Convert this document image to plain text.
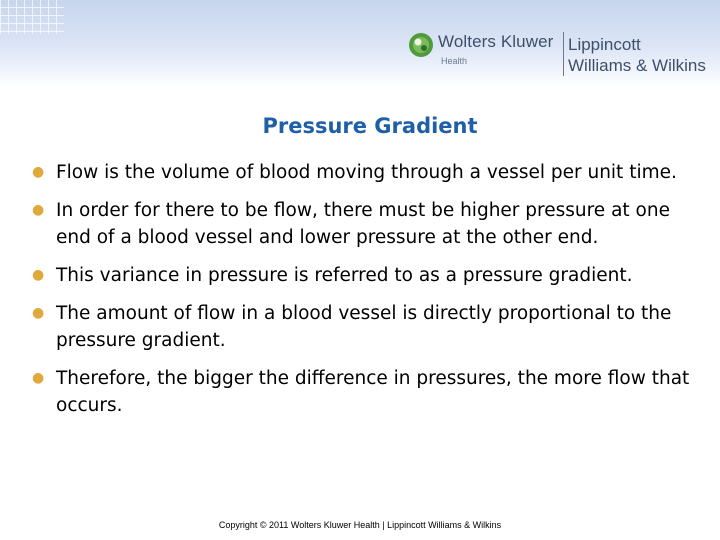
Wolters Kluwer
Health
Lippincott
Williams & Wilkins
Pressure Gradient
● Flow is the volume of blood moving through a vessel per unit time.
● In order for there to be flow, there must be higher pressure at one end of a blood vessel and lower pressure at the other end.
● This variance in pressure is referred to as a pressure gradient.
● The amount of flow in a blood vessel is directly proportional to the pressure gradient.
● Therefore, the bigger the difference in pressures, the more flow that occurs.
Copyright © 2011 Wolters Kluwer Health | Lippincott Williams & Wilkins
